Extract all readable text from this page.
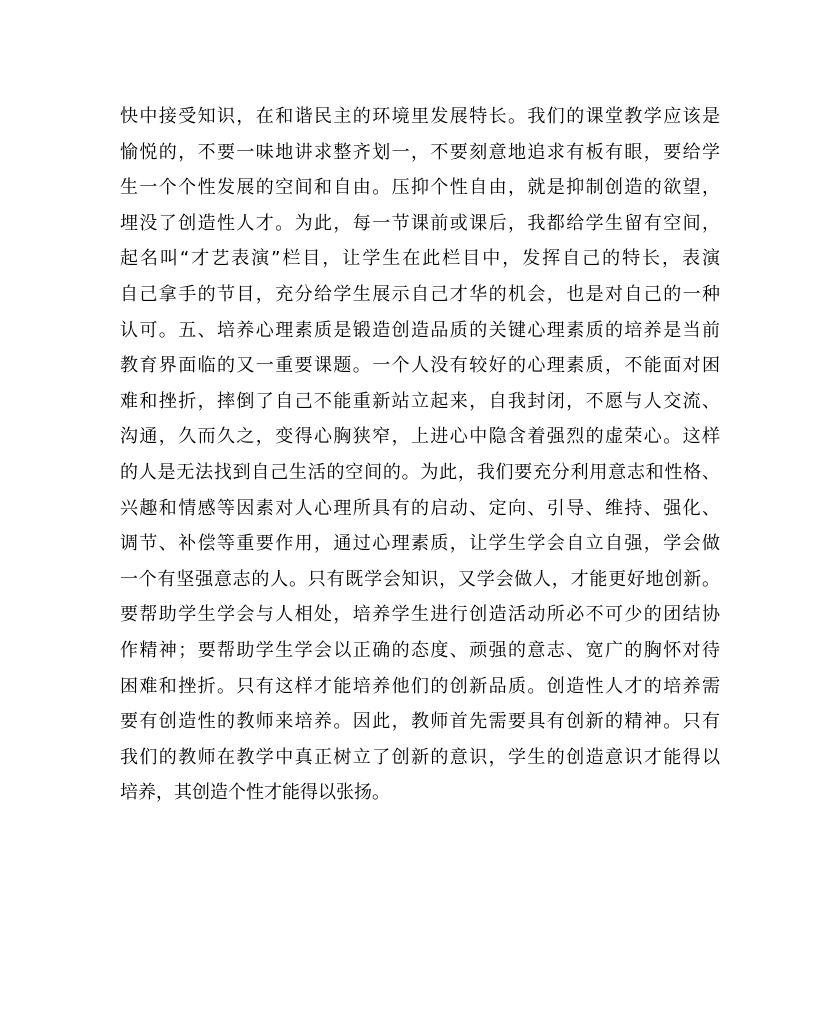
快中接受知识，在和谐民主的环境里发展特长。我们的课堂教学应该是
愉悦的，不要一味地讲求整齐划一，不要刻意地追求有板有眼，要给学
生一个个性发展的空间和自由。压抑个性自由，就是抑制创造的欲望，
埋没了创造性人才。为此，每一节课前或课后，我都给学生留有空间，
起名叫“才艺表演”栏目，让学生在此栏目中，发挥自己的特长，表演
自己拿手的节目，充分给学生展示自己才华的机会，也是对自己的一种
认可。五、培养心理素质是锻造创造品质的关键心理素质的培养是当前
教育界面临的又一重要课题。一个人没有较好的心理素质，不能面对困
难和挫折，摔倒了自己不能重新站立起来，自我封闭，不愿与人交流、
沟通，久而久之，变得心胸狭窄，上进心中隐含着强烈的虚荣心。这样
的人是无法找到自己生活的空间的。为此，我们要充分利用意志和性格、
兴趣和情感等因素对人心理所具有的启动、定向、引导、维持、强化、
调节、补偿等重要作用，通过心理素质，让学生学会自立自强，学会做
一个有坚强意志的人。只有既学会知识，又学会做人，才能更好地创新。
要帮助学生学会与人相处，培养学生进行创造活动所必不可少的团结协
作精神；要帮助学生学会以正确的态度、顽强的意志、宽广的胸怀对待
困难和挫折。只有这样才能培养他们的创新品质。创造性人才的培养需
要有创造性的教师来培养。因此，教师首先需要具有创新的精神。只有
我们的教师在教学中真正树立了创新的意识，学生的创造意识才能得以
培养，其创造个性才能得以张扬。
